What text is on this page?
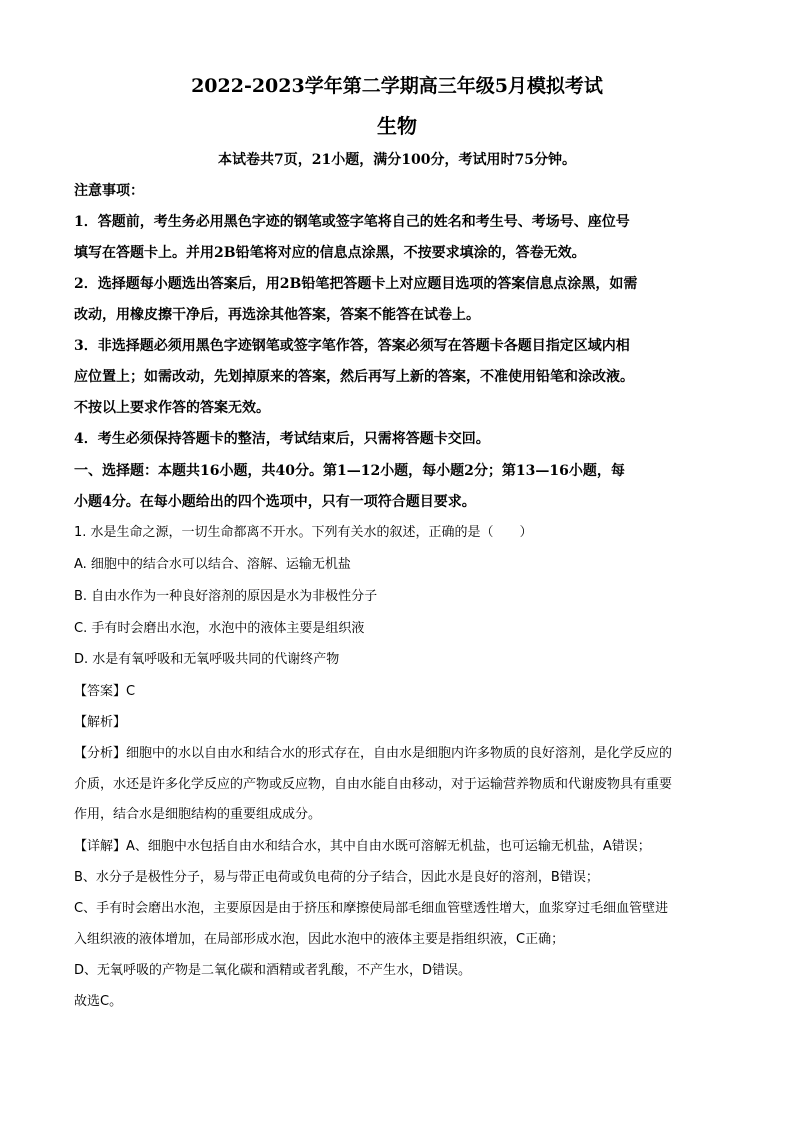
2022-2023学年第二学期高三年级5月模拟考试
生物
本试卷共7页，21小题，满分100分，考试用时75分钟。
注意事项：
1．答题前，考生务必用黑色字迹的钢笔或签字笔将自己的姓名和考生号、考场号、座位号
填写在答题卡上。并用2B铅笔将对应的信息点涂黑，不按要求填涂的，答卷无效。
2．选择题每小题选出答案后，用2B铅笔把答题卡上对应题目选项的答案信息点涂黑，如需
改动，用橡皮擦干净后，再选涂其他答案，答案不能答在试卷上。
3．非选择题必须用黑色字迹钢笔或签字笔作答，答案必须写在答题卡各题目指定区域内相
应位置上；如需改动，先划掉原来的答案，然后再写上新的答案，不准使用铅笔和涂改液。
不按以上要求作答的答案无效。
4．考生必须保持答题卡的整洁，考试结束后，只需将答题卡交回。
一、选择题：本题共16小题，共40分。第1—12小题，每小题2分；第13—16小题，每
小题4分。在每小题给出的四个选项中，只有一项符合题目要求。
1. 水是生命之源，一切生命都离不开水。下列有关水的叙述，正确的是（　　）
A. 细胞中的结合水可以结合、溶解、运输无机盐
B. 自由水作为一种良好溶剂的原因是水为非极性分子
C. 手有时会磨出水泡，水泡中的液体主要是组织液
D. 水是有氧呼吸和无氧呼吸共同的代谢终产物
【答案】C
【解析】
【分析】细胞中的水以自由水和结合水的形式存在，自由水是细胞内许多物质的良好溶剂，是化学反应的
介质，水还是许多化学反应的产物或反应物，自由水能自由移动，对于运输营养物质和代谢废物具有重要
作用，结合水是细胞结构的重要组成成分。
【详解】A、细胞中水包括自由水和结合水，其中自由水既可溶解无机盐，也可运输无机盐，A错误；
B、水分子是极性分子，易与带正电荷或负电荷的分子结合，因此水是良好的溶剂，B错误；
C、手有时会磨出水泡，主要原因是由于挤压和摩擦使局部毛细血管壁透性增大，血浆穿过毛细血管壁进
入组织液的液体增加，在局部形成水泡，因此水泡中的液体主要是指组织液，C正确；
D、无氧呼吸的产物是二氧化碳和酒精或者乳酸，不产生水，D错误。
故选C。
